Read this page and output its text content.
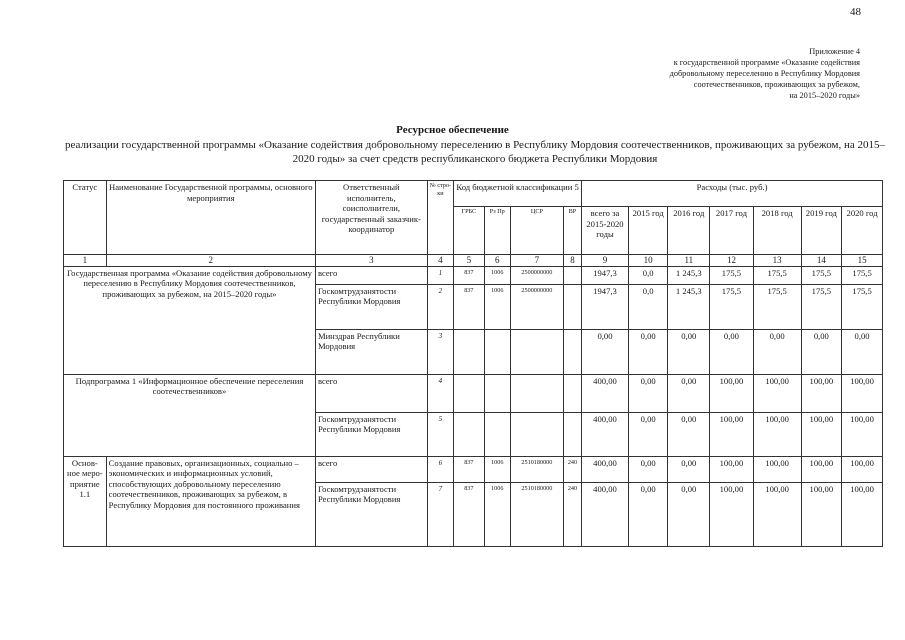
48
Приложение 4
к государственной программе «Оказание содействия
добровольному переселению в Республику Мордовия
соотечественников, проживающих за рубежом,
на 2015–2020 годы»
Ресурсное обеспечение
реализации государственной программы «Оказание содействия добровольному переселению в Республику Мордовия соотечественников, проживающих за рубежом, на 2015–2020 годы» за счет средств республиканского бюджета Республики Мордовия
Статус	Наименование Государственной программы, основного мероприятия	Ответственный исполнитель, соисполнители, государственный заказчик-координатор	№ стро-ки	Код бюджетной классификации 5				Расходы (тыс. руб.)						
				ГРБС	Рз Пр	ЦСР	ВР	всего за 2015-2020 годы	2015 год	2016 год	2017 год	2018 год	2019 год	2020 год
1	2	3	4	5	6	7	8	9	10	11	12	13	14	15
Государственная программа «Оказание содействия добровольному переселению в Республику Мордовия соотечественников, проживающих за рубежом, на 2015–2020 годы»		всего	1	837	1006	2500000000		1947,3	0,0	1 245,3	175,5	175,5	175,5	175,5
		Госкомтрудзанятости Республики Мордовия	2	837	1006	2500000000		1947,3	0,0	1 245,3	175,5	175,5	175,5	175,5
		Минздрав Республики Мордовия	3					0,00	0,00	0,00	0,00	0,00	0,00	0,00
Подпрограмма 1 «Информационное обеспечение переселения соотечественников»		всего	4					400,00	0,00	0,00	100,00	100,00	100,00	100,00
		Госкомтрудзанятости Республики Мордовия	5					400,00	0,00	0,00	100,00	100,00	100,00	100,00
Основ-ное меро-приятие 1.1	Создание правовых, организационных, социально – экономических и информационных условий, способствующих добровольному переселению соотечественников, проживающих за рубежом, в Республику Мордовия для постоянного проживания	всего	6	837	1006	2510180000	240	400,00	0,00	0,00	100,00	100,00	100,00	100,00
		Госкомтрудзанятости Республики Мордовия	7	837	1006	2510180000	240	400,00	0,00	0,00	100,00	100,00	100,00	100,00
